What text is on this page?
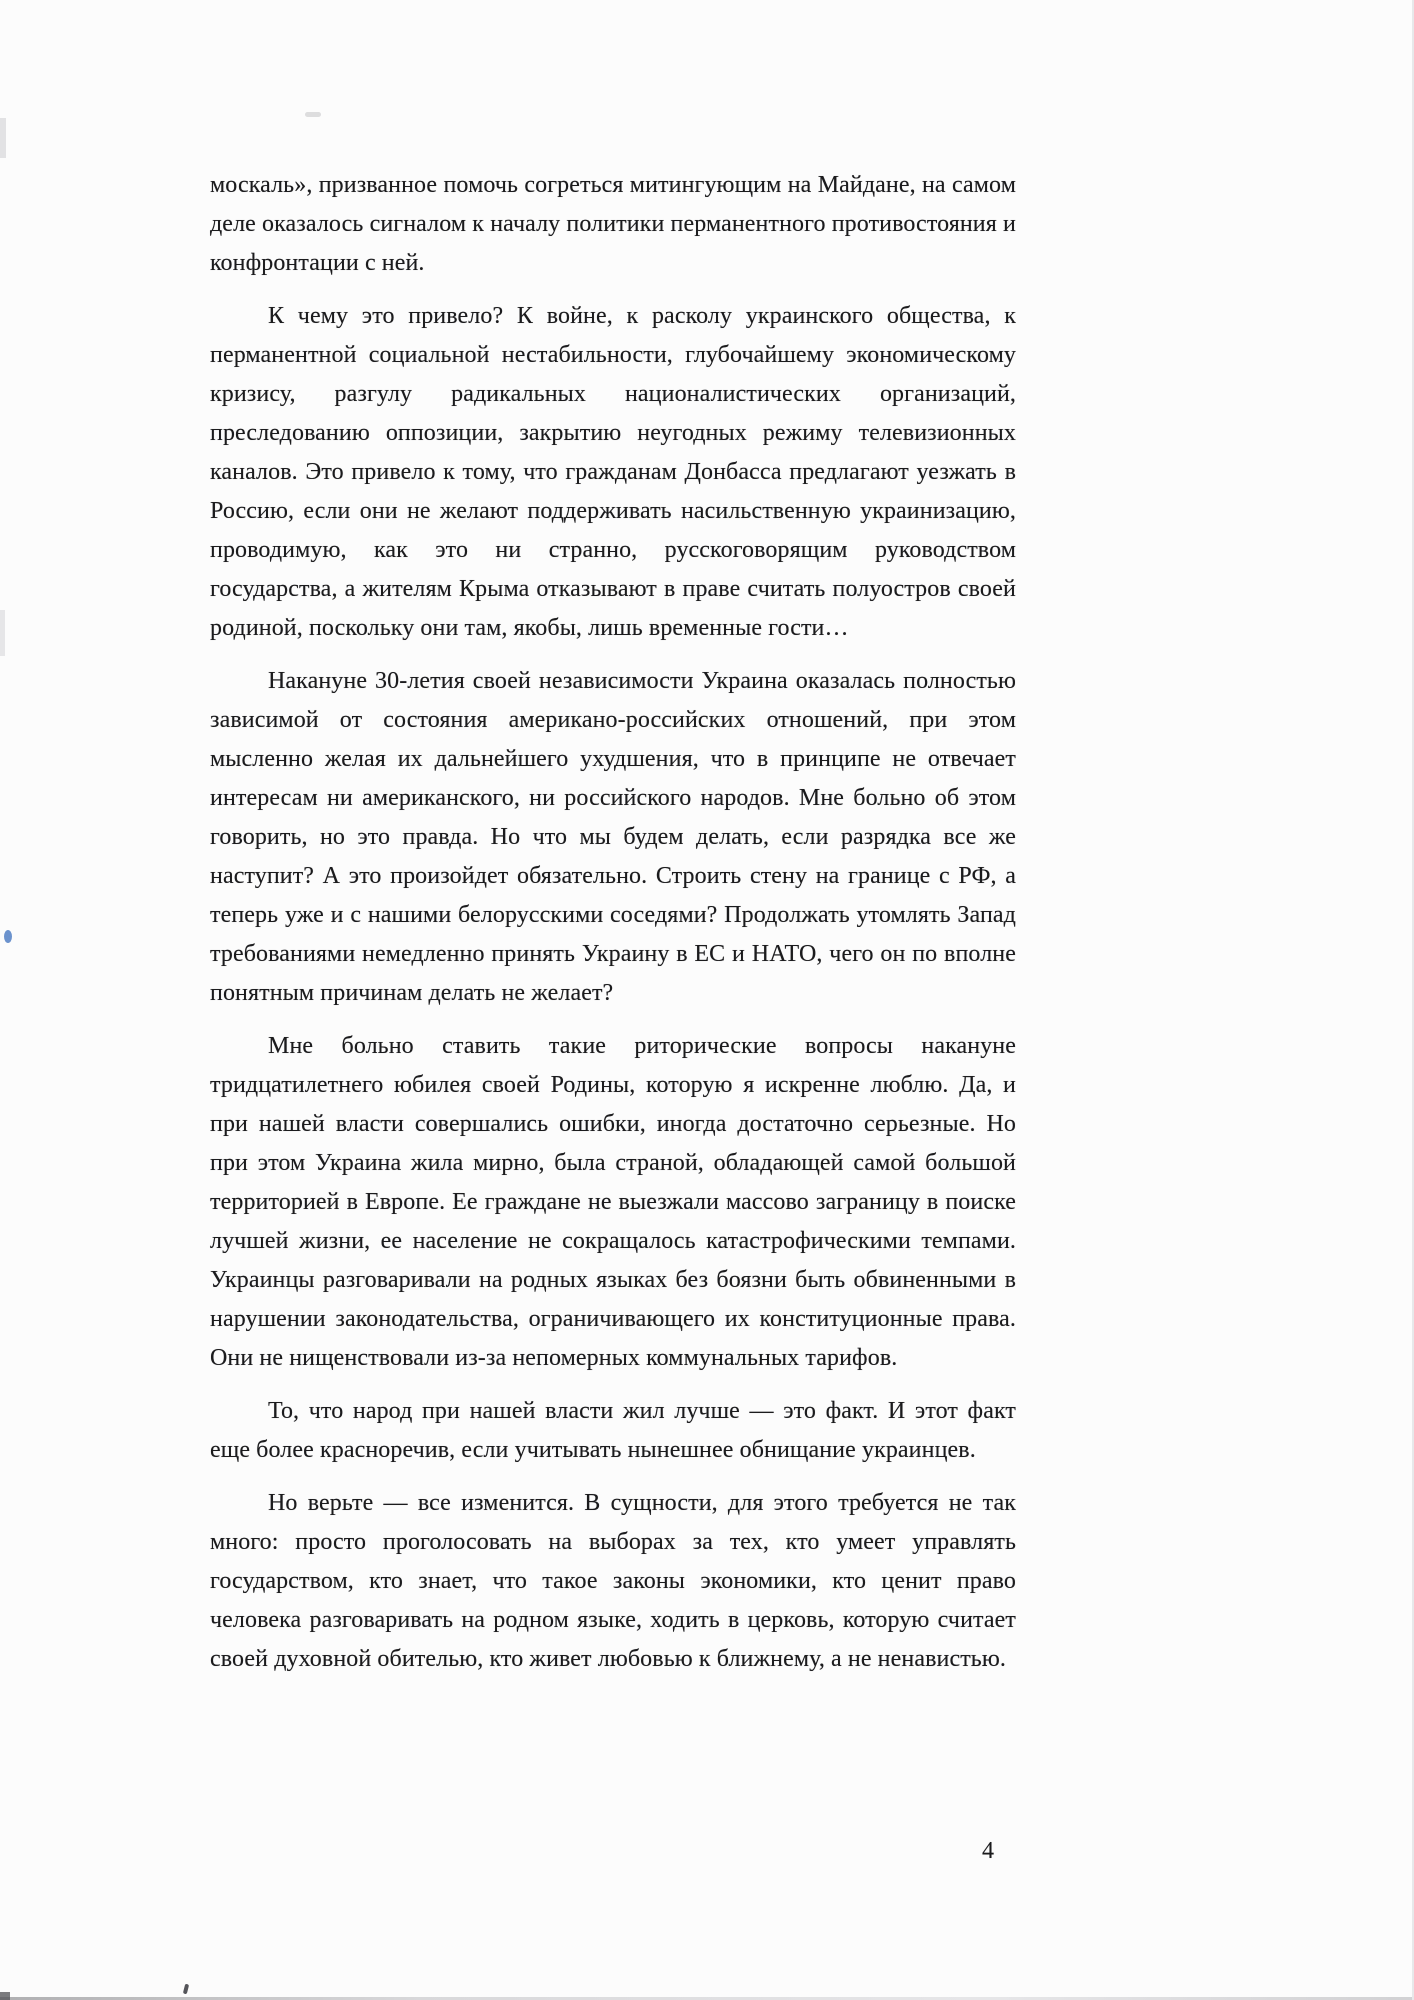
москаль», призванное помочь согреться митингующим на Майдане, на самом деле оказалось сигналом к началу политики перманентного противостояния и конфронтации с ней.

К чему это привело? К войне, к расколу украинского общества, к перманентной социальной нестабильности, глубочайшему экономическому кризису, разгулу радикальных националистических организаций, преследованию оппозиции, закрытию неугодных режиму телевизионных каналов. Это привело к тому, что гражданам Донбасса предлагают уезжать в Россию, если они не желают поддерживать насильственную украинизацию, проводимую, как это ни странно, русскоговорящим руководством государства, а жителям Крыма отказывают в праве считать полуостров своей родиной, поскольку они там, якобы, лишь временные гости…

Накануне 30-летия своей независимости Украина оказалась полностью зависимой от состояния американо-российских отношений, при этом мысленно желая их дальнейшего ухудшения, что в принципе не отвечает интересам ни американского, ни российского народов. Мне больно об этом говорить, но это правда. Но что мы будем делать, если разрядка все же наступит? А это произойдет обязательно. Строить стену на границе с РФ, а теперь уже и с нашими белорусскими соседями? Продолжать утомлять Запад требованиями немедленно принять Украину в ЕС и НАТО, чего он по вполне понятным причинам делать не желает?

Мне больно ставить такие риторические вопросы накануне тридцатилетнего юбилея своей Родины, которую я искренне люблю. Да, и при нашей власти совершались ошибки, иногда достаточно серьезные. Но при этом Украина жила мирно, была страной, обладающей самой большой территорией в Европе. Ее граждане не выезжали массово заграницу в поиске лучшей жизни, ее население не сокращалось катастрофическими темпами. Украинцы разговаривали на родных языках без боязни быть обвиненными в нарушении законодательства, ограничивающего их конституционные права. Они не нищенствовали из-за непомерных коммунальных тарифов.

То, что народ при нашей власти жил лучше — это факт. И этот факт еще более красноречив, если учитывать нынешнее обнищание украинцев.

Но верьте — все изменится. В сущности, для этого требуется не так много: просто проголосовать на выборах за тех, кто умеет управлять государством, кто знает, что такое законы экономики, кто ценит право человека разговаривать на родном языке, ходить в церковь, которую считает своей духовной обителью, кто живет любовью к ближнему, а не ненавистью.

4
